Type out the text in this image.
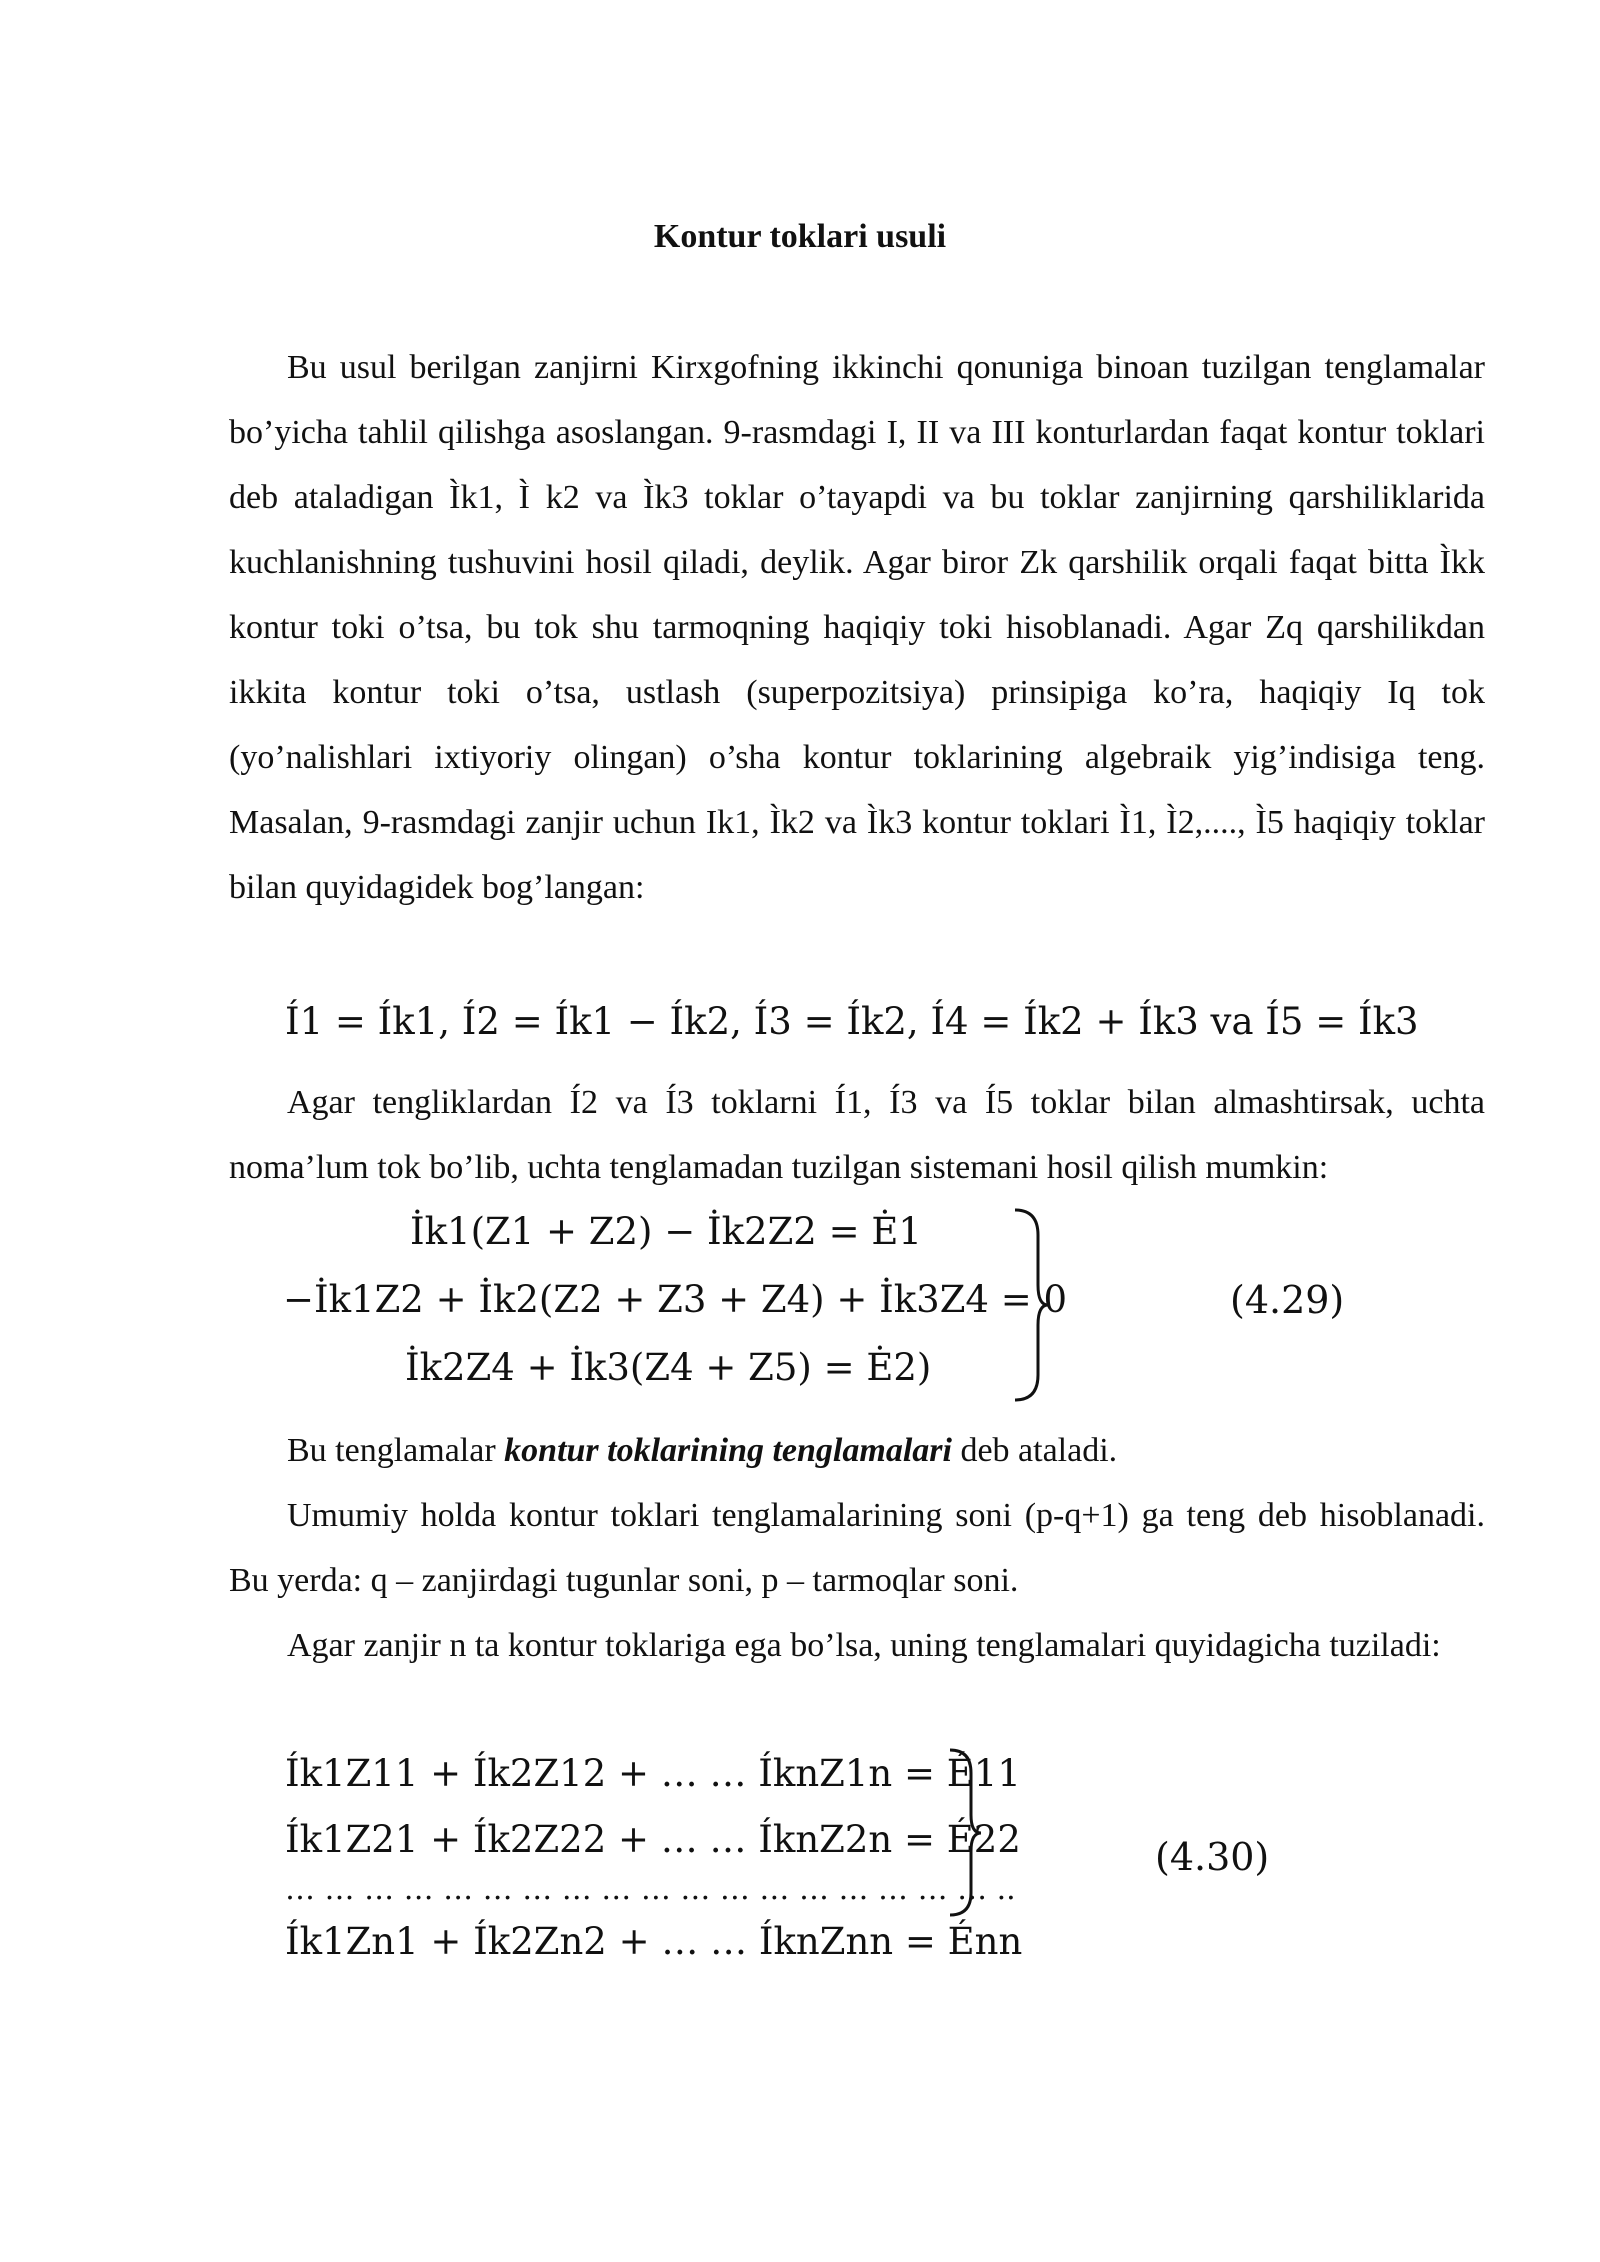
Kontur toklari usuli
Bu usul berilgan zanjirni Kirxgofning ikkinchi qonuniga binoan tuzilgan tenglamalar bo’yicha tahlil qilishga asoslangan. 9-rasmdagi I, II va III konturlardan faqat kontur toklari deb ataladigan Ìk1, Ì k2 va Ìk3 toklar o’tayapdi va bu toklar zanjirning qarshiliklarida kuchlanishning tushuvini hosil qiladi, deylik. Agar biror Zk qarshilik orqali faqat bitta Ìkk kontur toki o’tsa, bu tok shu tarmoqning haqiqiy toki hisoblanadi. Agar Zq qarshilikdan ikkita kontur toki o’tsa, ustlash (superpozitsiya) prinsipiga ko’ra, haqiqiy Iq tok (yo’nalishlari ixtiyoriy olingan) o’sha kontur toklarining algebraik yig’indisiga teng. Masalan, 9-rasmdagi zanjir uchun Ik1, Ìk2 va Ìk3 kontur toklari Ì1, Ì2,...., Ì5 haqiqiy toklar bilan quyidagidek bog’langan:
Í1 = Ík1, Í2 = Ík1 − Ík2, Í3 = Ík2, Í4 = Ík2 + Ík3 va Í5 = Ík3
Agar tengliklardan Í2 va Í3 toklarni Í1, Í3 va Í5 toklar bilan almashtirsak, uchta noma’lum tok bo’lib, uchta tenglamadan tuzilgan sistemani hosil qilish mumkin:
İk1(Z1 + Z2) − İk2Z2 = Ė1
−İk1Z2 + İk2(Z2 + Z3 + Z4) + İk3Z4 = 0
İk2Z4 + İk3(Z4 + Z5) = Ė2)
(4.29)
Bu tenglamalar kontur toklarining tenglamalari deb ataladi.
Umumiy holda kontur toklari tenglamalarining soni (p-q+1) ga teng deb hisoblanadi. Bu yerda: q – zanjirdagi tugunlar soni, p – tarmoqlar soni.
Agar zanjir n ta kontur toklariga ega bo’lsa, uning tenglamalari quyidagicha tuziladi:
Ík1Z11 + Ík2Z12 + … … ÍknZ1n = É11
Ík1Z21 + Ík2Z22 + … … ÍknZ2n = É22
… … … … … … … … … … … … … … … … … … ..
Ík1Zn1 + Ík2Zn2 + … … ÍknZnn = Énn
(4.30)
